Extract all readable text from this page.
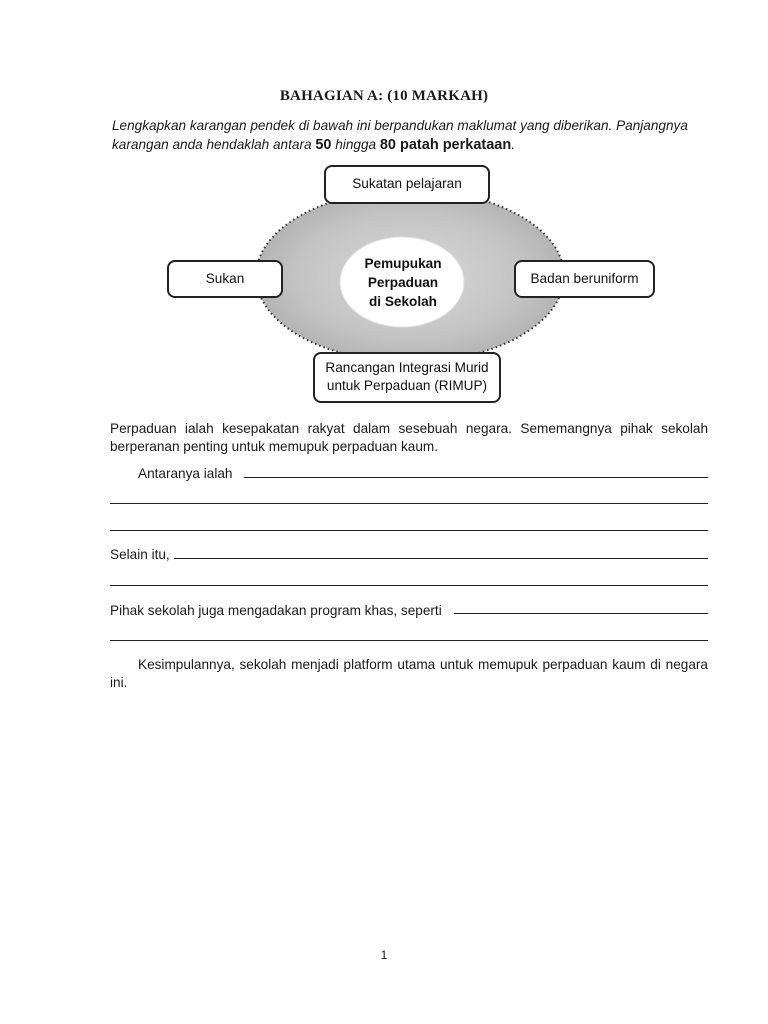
BAHAGIAN A: (10 MARKAH)
Lengkapkan karangan pendek di bawah ini berpandukan maklumat yang diberikan. Panjangnya karangan anda hendaklah antara 50 hingga 80 patah perkataan.
Pemupukan
Perpaduan
di Sekolah
Sukatan pelajaran
Sukan	Badan beruniform
Rancangan Integrasi Murid
untuk Perpaduan (RIMUP)
Perpaduan ialah kesepakatan rakyat dalam sesebuah negara. Sememangnya pihak sekolah berperanan penting untuk memupuk perpaduan kaum.
Antaranya ialah
Selain itu,
Pihak sekolah juga mengadakan program khas, seperti
Kesimpulannya, sekolah menjadi platform utama untuk memupuk perpaduan kaum di negara ini.
1
